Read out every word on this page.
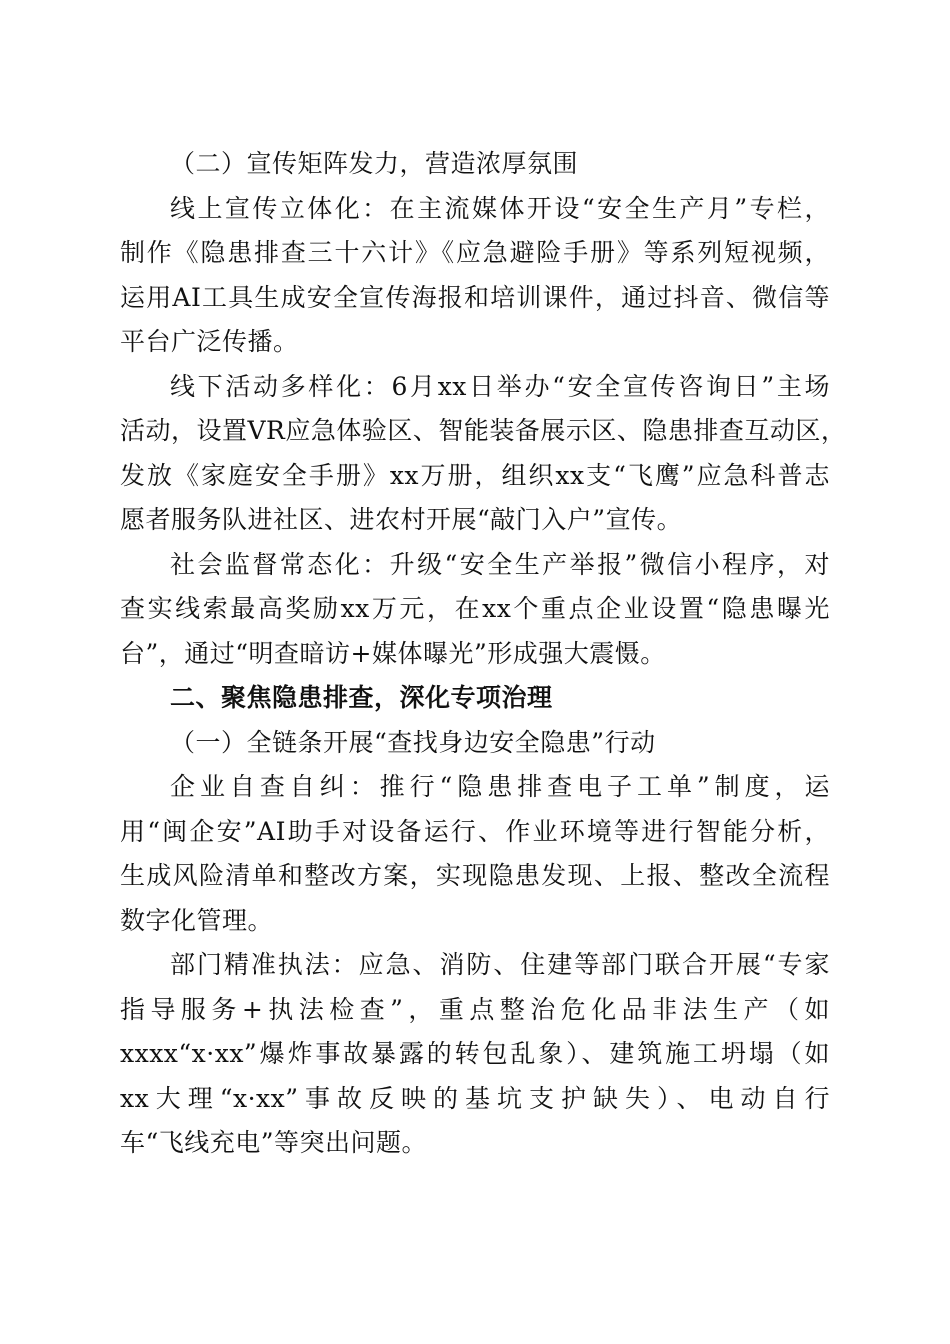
（二）宣传矩阵发力，营造浓厚氛围
线上宣传立体化：在主流媒体开设“安全生产月”专栏，
制作《隐患排查三十六计》《应急避险手册》等系列短视频，
运用AI工具生成安全宣传海报和培训课件，通过抖音、微信等
平台广泛传播。
线下活动多样化：6月xx日举办“安全宣传咨询日”主场
活动，设置VR应急体验区、智能装备展示区、隐患排查互动区，
发放《家庭安全手册》xx万册，组织xx支“飞鹰”应急科普志
愿者服务队进社区、进农村开展“敲门入户”宣传。
社会监督常态化：升级“安全生产举报”微信小程序，对
查实线索最高奖励xx万元，在xx个重点企业设置“隐患曝光
台”，通过“明查暗访+媒体曝光”形成强大震慑。
二、聚焦隐患排查，深化专项治理
（一）全链条开展“查找身边安全隐患”行动
企业自查自纠：推行“隐患排查电子工单”制度，运
用“闽企安”AI助手对设备运行、作业环境等进行智能分析，
生成风险清单和整改方案，实现隐患发现、上报、整改全流程
数字化管理。
部门精准执法：应急、消防、住建等部门联合开展“专家
指导服务+执法检查”，重点整治危化品非法生产（如
xxxx“x·xx”爆炸事故暴露的转包乱象）、建筑施工坍塌（如
xx大理“x·xx”事故反映的基坑支护缺失）、电动自行
车“飞线充电”等突出问题。
